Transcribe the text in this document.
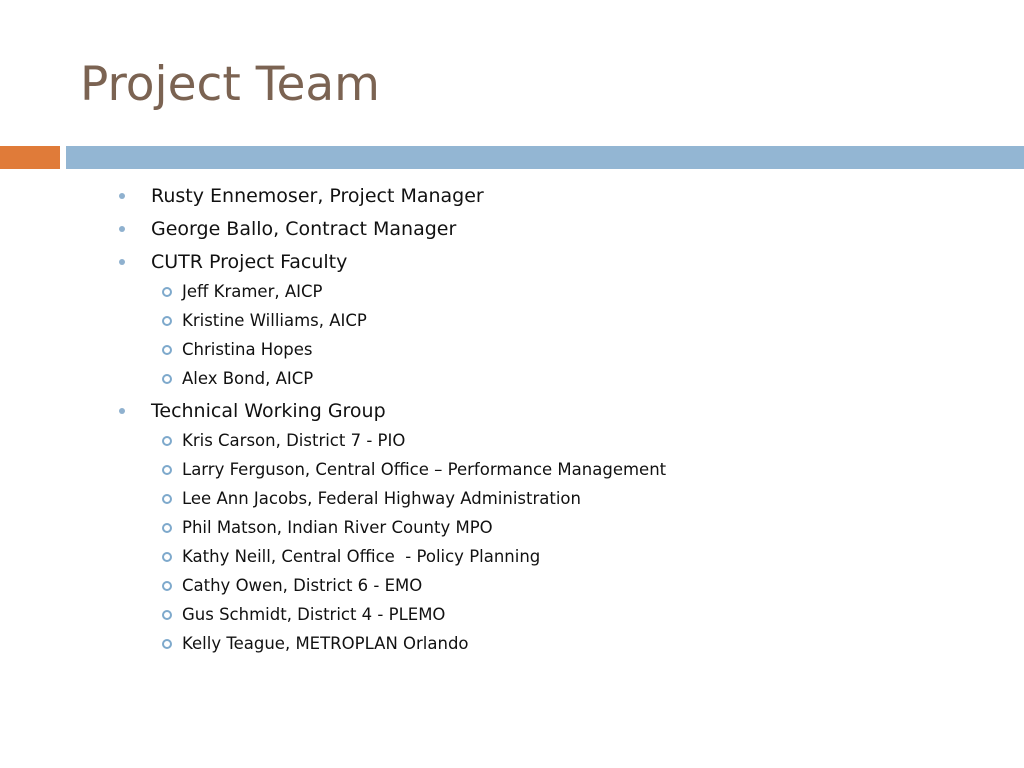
Project Team
Rusty Ennemoser, Project Manager
George Ballo, Contract Manager
CUTR Project Faculty
Jeff Kramer, AICP
Kristine Williams, AICP
Christina Hopes
Alex Bond, AICP
Technical Working Group
Kris Carson, District 7 - PIO
Larry Ferguson, Central Office – Performance Management
Lee Ann Jacobs, Federal Highway Administration
Phil Matson, Indian River County MPO
Kathy Neill, Central Office  - Policy Planning
Cathy Owen, District 6 - EMO
Gus Schmidt, District 4 - PLEMO
Kelly Teague, METROPLAN Orlando
